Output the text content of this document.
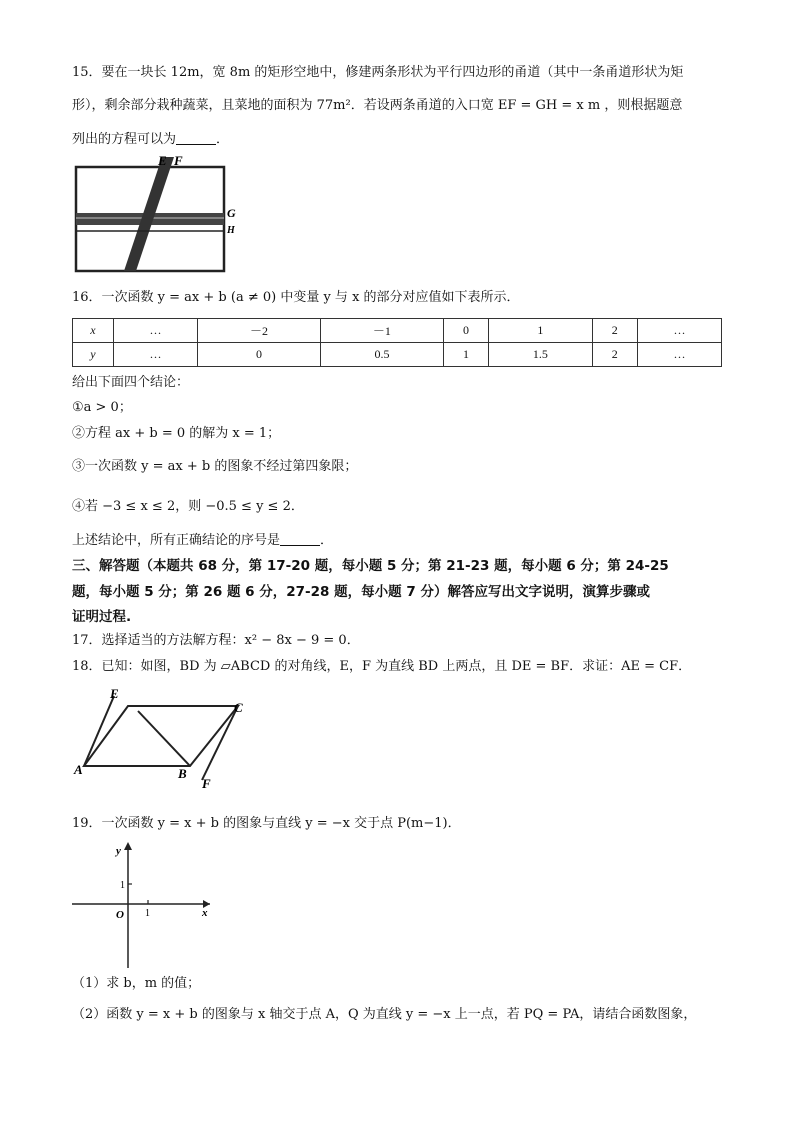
15．要在一块长 12m，宽 8m 的矩形空地中，修建两条形状为平行四边形的甬道（其中一条甬道形状为矩
形），剩余部分栽种蔬菜，且菜地的面积为 77m²．若设两条甬道的入口宽 EF = GH = x m ，则根据题意
列出的方程可以为	．
E F
G
H
16．一次函数 y = ax + b (a ≠ 0) 中变量 y 与 x 的部分对应值如下表所示．
x	…	－2	－1	0	1	2	…
y	…	0	0.5	1	1.5	2	…
给出下面四个结论：
①a > 0；
②方程 ax + b = 0 的解为 x = 1；
③一次函数 y = ax + b 的图象不经过第四象限；
④若 −3 ≤ x ≤ 2，则 −0.5 ≤ y ≤ 2．
上述结论中，所有正确结论的序号是	．
三、解答题（本题共 68 分，第 17-20 题，每小题 5 分；第 21-23 题，每小题 6 分；第 24-25
题，每小题 5 分；第 26 题 6 分，27-28 题，每小题 7 分）解答应写出文字说明，演算步骤或
证明过程.
17．选择适当的方法解方程：x² − 8x − 9 = 0．
18．已知：如图，BD 为 ▱ABCD 的对角线，E，F 为直线 BD 上两点，且 DE = BF．求证：AE = CF．
E
C
A	B
F
19．一次函数 y = x + b 的图象与直线 y = −x 交于点 P(m−1)．
y
x
O 1
1
（1）求 b，m 的值；
（2）函数 y = x + b 的图象与 x 轴交于点 A，Q 为直线 y = −x 上一点，若 PQ = PA，请结合函数图象，
